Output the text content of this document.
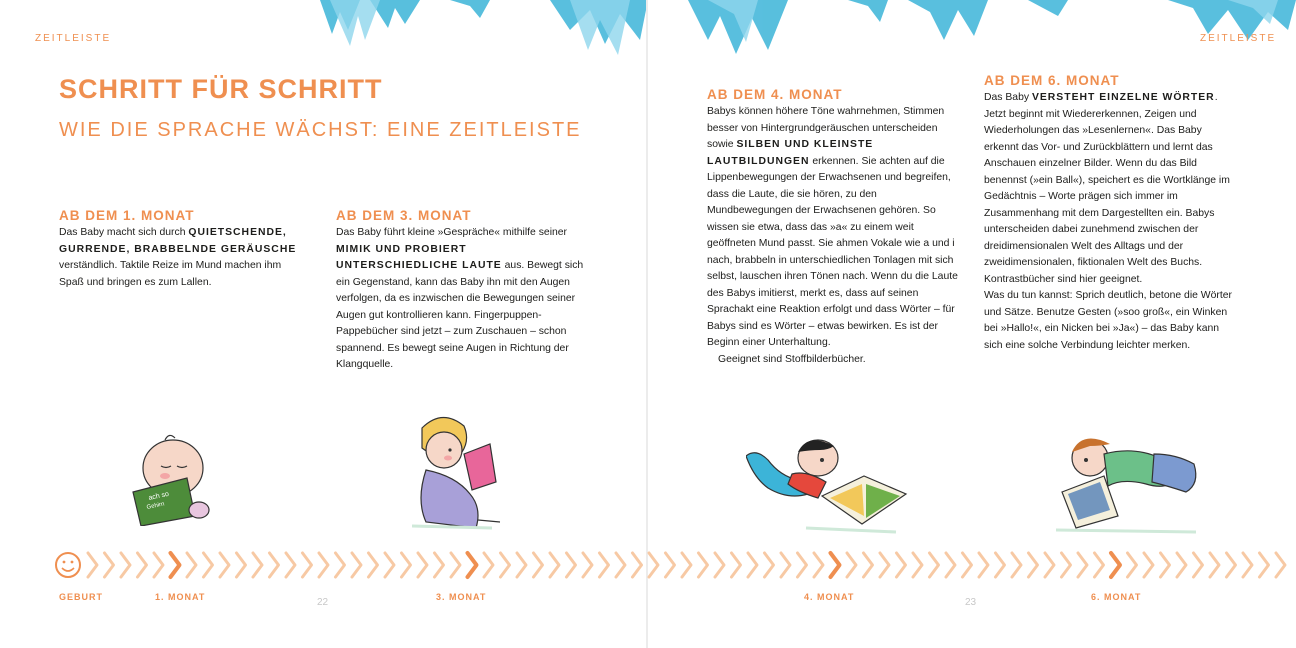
ZEITLEISTE
SCHRITT FÜR SCHRITT
WIE DIE SPRACHE WÄCHST: EINE ZEITLEISTE
AB DEM 1. MONAT

Das Baby macht sich durch QUIETSCHENDE, GURRENDE, BRABBELNDE GERÄUSCHE verständlich. Taktile Reize im Mund machen ihm Spaß und bringen es zum Lallen.

AB DEM 3. MONAT

Das Baby führt kleine »Gespräche« mithilfe seiner MIMIK UND PROBIERT UNTERSCHIEDLICHE LAUTE aus. Bewegt sich ein Gegenstand, kann das Baby ihn mit den Augen verfolgen, da es inzwischen die Bewegungen seiner Augen gut kontrollieren kann. Fingerpuppen-Pappebücher sind jetzt – zum Zuschauen – schon spannend. Es bewegt seine Augen in Richtung der Klangquelle.

ach so
Gehirn
22
ZEITLEISTE
AB DEM 4. MONAT

Babys können höhere Töne wahrnehmen, Stimmen besser von Hintergrundgeräuschen unterscheiden sowie SILBEN UND KLEINSTE LAUTBILDUNGEN erkennen. Sie achten auf die Lippenbewegungen der Erwachsenen und begreifen, dass die Laute, die sie hören, zu den Mundbewegungen der Erwachsenen gehören. So wissen sie etwa, dass das »a« zu einem weit geöffneten Mund passt. Sie ahmen Vokale wie a und i nach, brabbeln in unterschiedlichen Tonlagen mit sich selbst, lauschen ihren Tönen nach. Wenn du die Laute des Babys imitierst, merkt es, dass auf seinen Sprachakt eine Reaktion erfolgt und dass Wörter – für Babys sind es Wörter – etwas bewirken. Es ist der Beginn einer Unterhaltung.

Geeignet sind Stoffbilderbücher.

AB DEM 6. MONAT

Das Baby VERSTEHT EINZELNE WÖRTER. Jetzt beginnt mit Wiedererkennen, Zeigen und Wiederholungen das »Lesenlernen«. Das Baby erkennt das Vor- und Zurückblättern und lernt das Anschauen einzelner Bilder. Wenn du das Bild benennst (»ein Ball«), speichert es die Wortklänge im Gedächtnis – Worte prägen sich immer im Zusammenhang mit dem Dargestellten ein. Babys unterscheiden dabei zunehmend zwischen der dreidimensionalen Welt des Alltags und der zweidimensionalen, fiktionalen Welt des Buchs. Kontrastbücher sind hier geeignet.

Was du tun kannst: Sprich deutlich, betone die Wörter und Sätze. Benutze Gesten (»soo groß«, ein Winken bei »Hallo!«, ein Nicken bei »Ja«) – das Baby kann sich eine solche Verbindung leichter merken.

23
GEBURT	1. MONAT	3. MONAT	4. MONAT	6. MONAT
